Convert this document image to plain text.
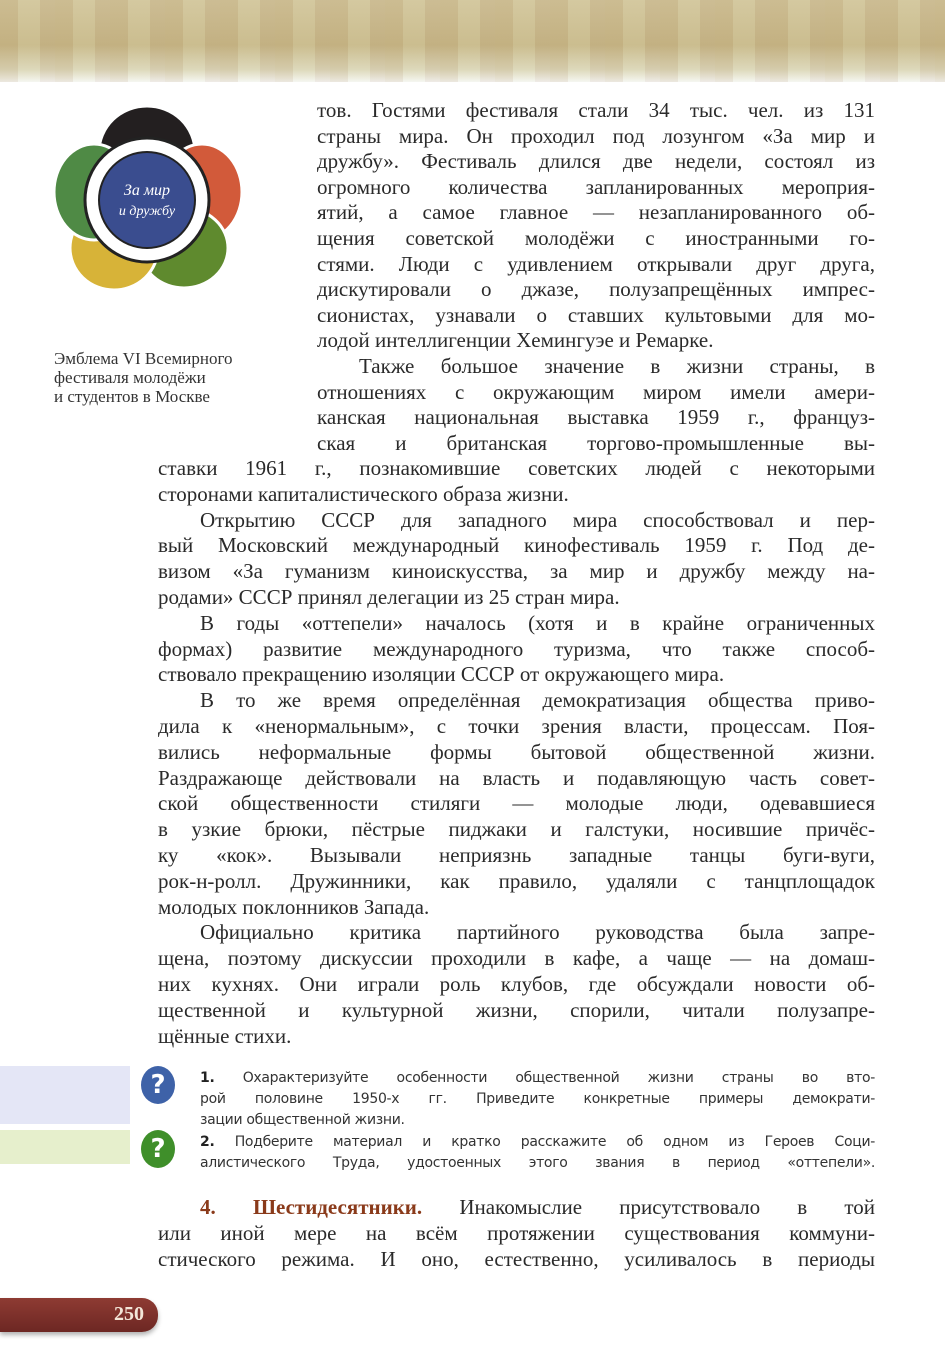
За мир
и дружбу
Эмблема VI Всемирного
фестиваля молодёжи
и студентов в Москве
тов. Гостями фестиваля стали 34 тыс. чел. из 131
страны мира. Он проходил под лозунгом «За мир и
дружбу». Фестиваль длился две недели, состоял из
огромного количества запланированных мероприя-
ятий, а самое главное — незапланированного об-
щения советской молодёжи с иностранными го-
стями. Люди с удивлением открывали друг друга,
дискутировали о джазе, полузапрещённых импрес-
сионистах, узнавали о ставших культовыми для мо-
лодой интеллигенции Хемингуэе и Ремарке.
Также большое значение в жизни страны, в
отношениях с окружающим миром имели амери-
канская национальная выставка 1959 г., француз-
ская и британская торгово-промышленные вы-
ставки 1961 г., познакомившие советских людей с некоторыми
сторонами капиталистического образа жизни.
Открытию СССР для западного мира способствовал и пер-
вый Московский международный кинофестиваль 1959 г. Под де-
визом «За гуманизм киноискусства, за мир и дружбу между на-
родами» СССР принял делегации из 25 стран мира.
В годы «оттепели» началось (хотя и в крайне ограниченных
формах) развитие международного туризма, что также способ-
ствовало прекращению изоляции СССР от окружающего мира.
В то же время определённая демократизация общества приво-
дила к «ненормальным», с точки зрения власти, процессам. Поя-
вились неформальные формы бытовой общественной жизни.
Раздражающе действовали на власть и подавляющую часть совет-
ской общественности стиляги — молодые люди, одевавшиеся
в узкие брюки, пёстрые пиджаки и галстуки, носившие причёс-
ку «кок». Вызывали неприязнь западные танцы буги-вуги,
рок-н-ролл. Дружинники, как правило, удаляли с танцплощадок
молодых поклонников Запада.
Официально критика партийного руководства была запре-
щена, поэтому дискуссии проходили в кафе, а чаще — на домаш-
них кухнях. Они играли роль клубов, где обсуждали новости об-
щественной и культурной жизни, спорили, читали полузапре-
щённые стихи.
?	1. Охарактеризуйте особенности общественной жизни страны во вто-
рой половине 1950-х гг. Приведите конкретные примеры демократи-
зации общественной жизни.
?	2. Подберите материал и кратко расскажите об одном из Героев Соци-
алистического Труда, удостоенных этого звания в период «оттепели».
4. Шестидесятники. Инакомыслие присутствовало в той
или иной мере на всём протяжении существования коммуни-
стического режима. И оно, естественно, усиливалось в периоды
250
